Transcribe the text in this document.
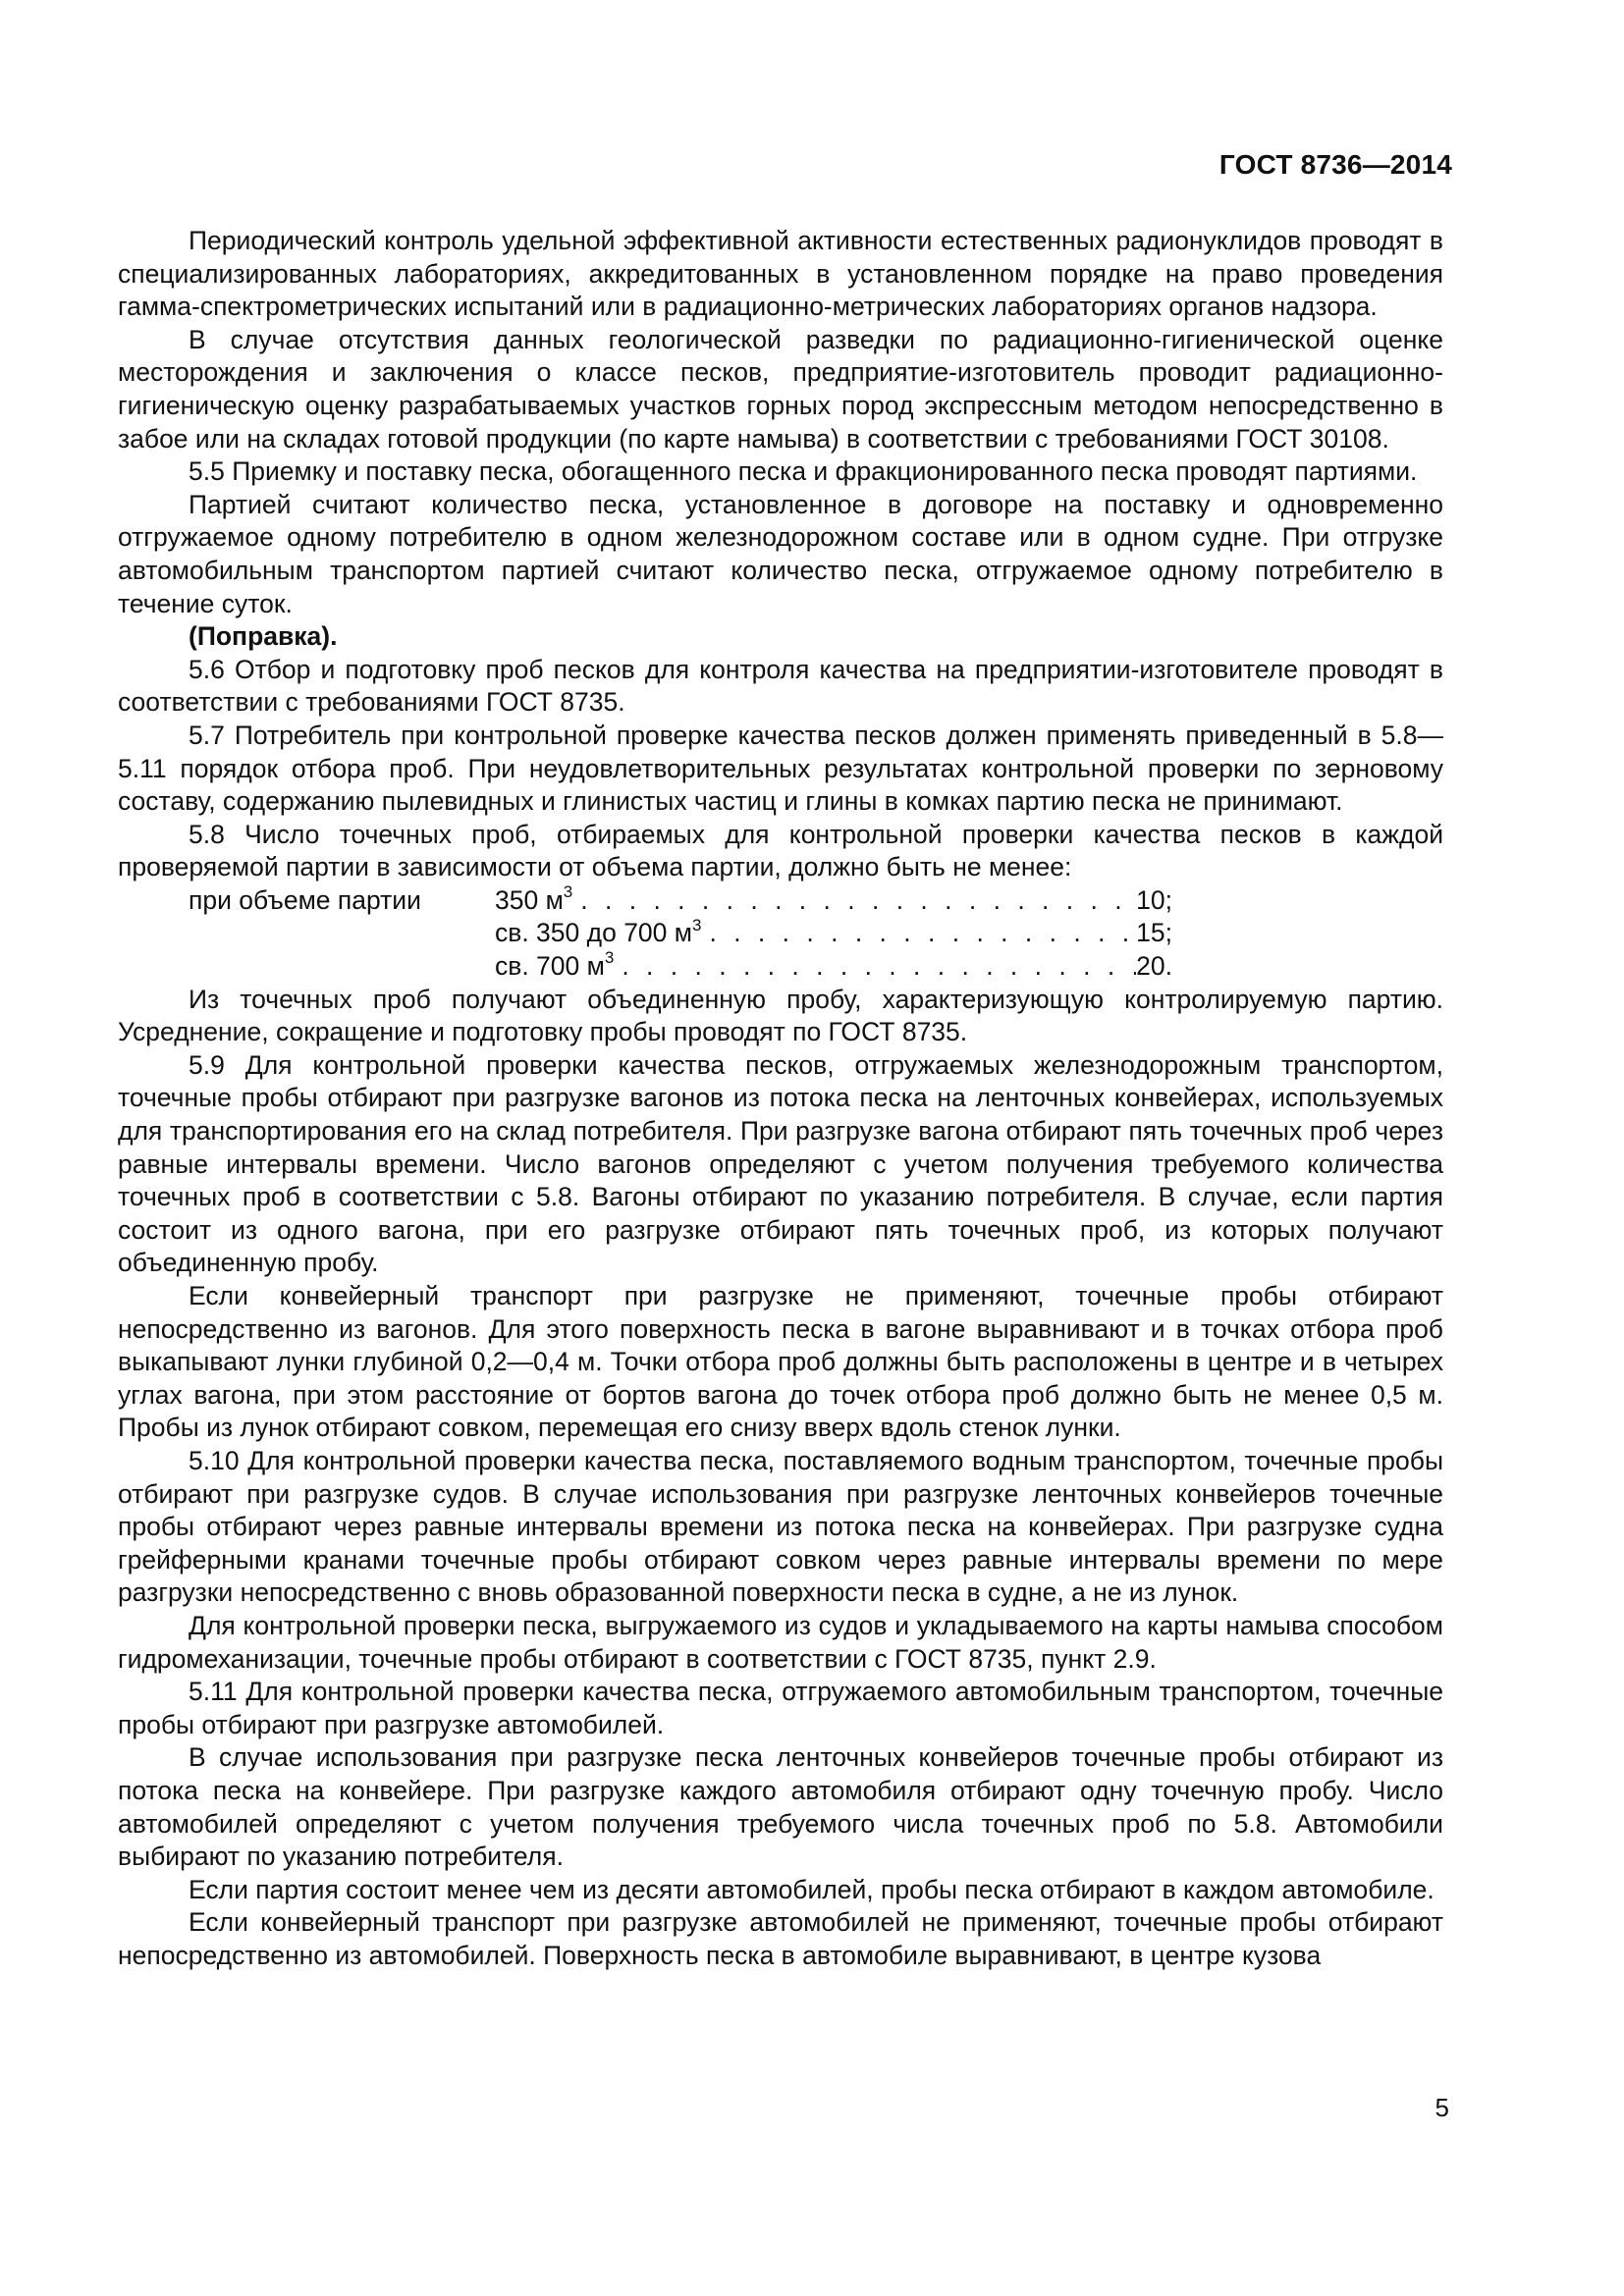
ГОСТ 8736—2014

Периодический контроль удельной эффективной активности естественных радионуклидов проводят в специализированных лабораториях, аккредитованных в установленном порядке на право проведения гамма-спектрометрических испытаний или в радиационно-метрических лабораториях органов надзора.

В случае отсутствия данных геологической разведки по радиационно-гигиенической оценке месторождения и заключения о классе песков, предприятие-изготовитель проводит радиационно-гигиеническую оценку разрабатываемых участков горных пород экспрессным методом непосредственно в забое или на складах готовой продукции (по карте намыва) в соответствии с требованиями ГОСТ 30108.

5.5 Приемку и поставку песка, обогащенного песка и фракционированного песка проводят партиями.

Партией считают количество песка, установленное в договоре на поставку и одновременно отгружаемое одному потребителю в одном железнодорожном составе или в одном судне. При отгрузке автомобильным транспортом партией считают количество песка, отгружаемое одному потребителю в течение суток.

(Поправка).

5.6 Отбор и подготовку проб песков для контроля качества на предприятии-изготовителе проводят в соответствии с требованиями ГОСТ 8735.

5.7 Потребитель при контрольной проверке качества песков должен применять приведенный в 5.8—5.11 порядок отбора проб. При неудовлетворительных результатах контрольной проверки по зерновому составу, содержанию пылевидных и глинистых частиц и глины в комках партию песка не принимают.

5.8 Число точечных проб, отбираемых для контрольной проверки качества песков в каждой проверяемой партии в зависимости от объема партии, должно быть не менее:

при объеме партии	350 $м^3$ . . .	10;
св. 350 до 700 $м^3$ . . .	15;
св. 700 $м^3$ . . .	20.

Из точечных проб получают объединенную пробу, характеризующую контролируемую партию. Усреднение, сокращение и подготовку пробы проводят по ГОСТ 8735.

5.9 Для контрольной проверки качества песков, отгружаемых железнодорожным транспортом, точечные пробы отбирают при разгрузке вагонов из потока песка на ленточных конвейерах, используемых для транспортирования его на склад потребителя. При разгрузке вагона отбирают пять точечных проб через равные интервалы времени. Число вагонов определяют с учетом получения требуемого количества точечных проб в соответствии с 5.8. Вагоны отбирают по указанию потребителя. В случае, если партия состоит из одного вагона, при его разгрузке отбирают пять точечных проб, из которых получают объединенную пробу.

Если конвейерный транспорт при разгрузке не применяют, точечные пробы отбирают непосредственно из вагонов. Для этого поверхность песка в вагоне выравнивают и в точках отбора проб выкапывают лунки глубиной 0,2—0,4 м. Точки отбора проб должны быть расположены в центре и в четырех углах вагона, при этом расстояние от бортов вагона до точек отбора проб должно быть не менее 0,5 м. Пробы из лунок отбирают совком, перемещая его снизу вверх вдоль стенок лунки.

5.10 Для контрольной проверки качества песка, поставляемого водным транспортом, точечные пробы отбирают при разгрузке судов. В случае использования при разгрузке ленточных конвейеров точечные пробы отбирают через равные интервалы времени из потока песка на конвейерах. При разгрузке судна грейферными кранами точечные пробы отбирают совком через равные интервалы времени по мере разгрузки непосредственно с вновь образованной поверхности песка в судне, а не из лунок.

Для контрольной проверки песка, выгружаемого из судов и укладываемого на карты намыва способом гидромеханизации, точечные пробы отбирают в соответствии с ГОСТ 8735, пункт 2.9.

5.11 Для контрольной проверки качества песка, отгружаемого автомобильным транспортом, точечные пробы отбирают при разгрузке автомобилей.

В случае использования при разгрузке песка ленточных конвейеров точечные пробы отбирают из потока песка на конвейере. При разгрузке каждого автомобиля отбирают одну точечную пробу. Число автомобилей определяют с учетом получения требуемого числа точечных проб по 5.8. Автомобили выбирают по указанию потребителя.

Если партия состоит менее чем из десяти автомобилей, пробы песка отбирают в каждом автомобиле.

Если конвейерный транспорт при разгрузке автомобилей не применяют, точечные пробы отбирают непосредственно из автомобилей. Поверхность песка в автомобиле выравнивают, в центре кузова

5
